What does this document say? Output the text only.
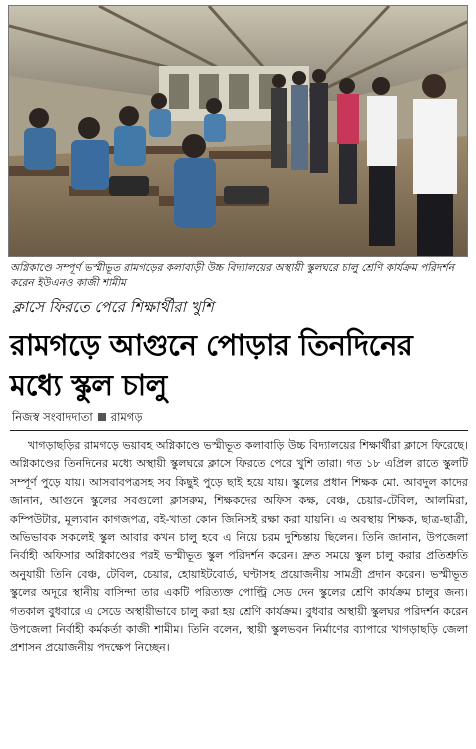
অগ্নিকাণ্ডে সম্পূর্ণ ভস্মীভূত রামগড়ের কলাবাড়ী উচ্চ বিদ্যালয়ের অস্থায়ী স্কুলঘরে চালু শ্রেণি কার্যক্রম পরিদর্শন করেন ইউএনও কাজী শামীম
ক্লাসে ফিরতে পেরে শিক্ষার্থীরা খুশি
রামগড়ে আগুনে পোড়ার তিনদিনের মধ্যে স্কুল চালু
নিজস্ব সংবাদদাতা রামগড়
খাগড়াছড়ির রামগড়ে ভয়াবহ অগ্নিকাণ্ডে ভস্মীভূত কলাবাড়ি উচ্চ বিদ্যালয়ের শিক্ষার্থীরা ক্লাসে ফিরেছে। অগ্নিকাণ্ডের তিনদিনের মধ্যে অস্থায়ী স্কুলঘরে ক্লাসে ফিরতে পেরে খুশি তারা। গত ১৮ এপ্রিল রাতে স্কুলটি সম্পূর্ণ পুড়ে যায়। আসবাবপত্রসহ সব কিছুই পুড়ে ছাই হয়ে যায়। স্কুলের প্রধান শিক্ষক মো. আবদুল কাদের জানান, আগুনে স্কুলের সবগুলো ক্লাসরুম, শিক্ষকদের অফিস কক্ষ, বেঞ্চ, চেয়ার-টেবিল, আলমিরা, কম্পিউটার, মূল্যবান কাগজপত্র, বই-খাতা কোন জিনিসই রক্ষা করা যায়নি। এ অবস্থায় শিক্ষক, ছাত্র-ছাত্রী, অভিভাবক সকলেই স্কুল আবার কখন চালু হবে এ নিয়ে চরম দুশ্চিন্তায় ছিলেন। তিনি জানান, উপজেলা নির্বাহী অফিসার অগ্নিকাণ্ডের পরই ভস্মীভূত স্কুল পরিদর্শন করেন। দ্রুত সময়ে স্কুল চালু করার প্রতিশ্রুতি অনুযায়ী তিনি বেঞ্চ, টেবিল, চেয়ার, হোয়াইটবোর্ড, ঘণ্টাসহ প্রয়োজনীয় সামগ্রী প্রদান করেন। ভস্মীভূত স্কুলের অদূরে স্থানীয় বাসিন্দা তার একটি পরিত্যক্ত পোল্ট্রি সেড দেন স্কুলের শ্রেণি কার্যক্রম চালুর জন্য। গতকাল বুধবারে এ সেডে অস্থায়ীভাবে চালু করা হয় শ্রেণি কার্যক্রম। বুধবার অস্থায়ী স্কুলঘর পরিদর্শন করেন উপজেলা নির্বাহী কর্মকর্তা কাজী শামীম। তিনি বলেন, স্থায়ী স্কুলভবন নির্মাণের ব্যাপারে খাগড়াছড়ি জেলা প্রশাসন প্রয়োজনীয় পদক্ষেপ নিচ্ছেন।
